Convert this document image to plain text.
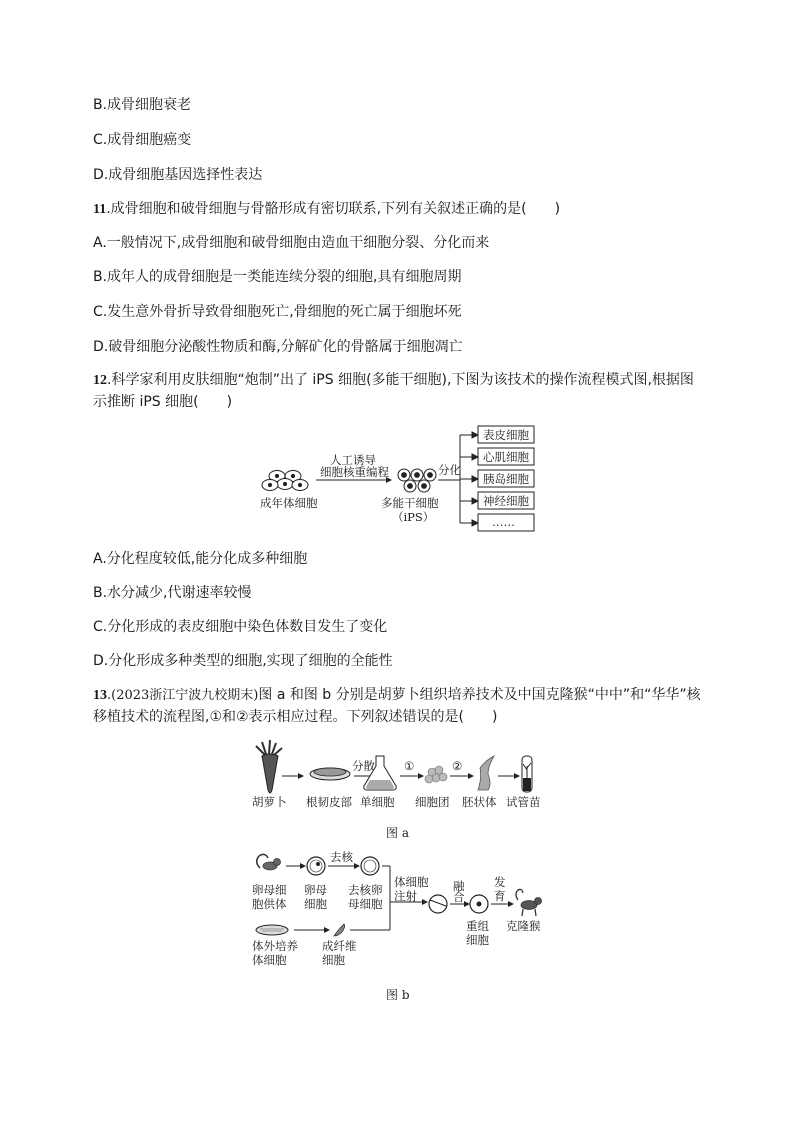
B.成骨细胞衰老
C.成骨细胞癌变
D.成骨细胞基因选择性表达
11.成骨细胞和破骨细胞与骨骼形成有密切联系,下列有关叙述正确的是(　　)
A.一般情况下,成骨细胞和破骨细胞由造血干细胞分裂、分化而来
B.成年人的成骨细胞是一类能连续分裂的细胞,具有细胞周期
C.发生意外骨折导致骨细胞死亡,骨细胞的死亡属于细胞坏死
D.破骨细胞分泌酸性物质和酶,分解矿化的骨骼属于细胞凋亡
12.科学家利用皮肤细胞“炮制”出了 iPS 细胞(多能干细胞),下图为该技术的操作流程模式图,根据图
示推断 iPS 细胞(　　)
成年体细胞
人工诱导
细胞核重编程
多能干细胞
（iPS）
分化
表皮细胞
心肌细胞
胰岛细胞
神经细胞
……
A.分化程度较低,能分化成多种细胞
B.水分减少,代谢速率较慢
C.分化形成的表皮细胞中染色体数目发生了变化
D.分化形成多种类型的细胞,实现了细胞的全能性
13.(2023浙江宁波九校期末)图 a 和图 b 分别是胡萝卜组织培养技术及中国克隆猴“中中”和“华华”核
移植技术的流程图,①和②表示相应过程。下列叙述错误的是(　　)
分散	①	②
胡萝卜 根韧皮部 单细胞 细胞团 胚状体 试管苗
图 a
去核
卵母细
胞供体
卵母
细胞
去核卵
母细胞
体外培养
体细胞
成纤维
细胞
体细胞
注射
融
合
发
育
重组
细胞
克隆猴
图 b
